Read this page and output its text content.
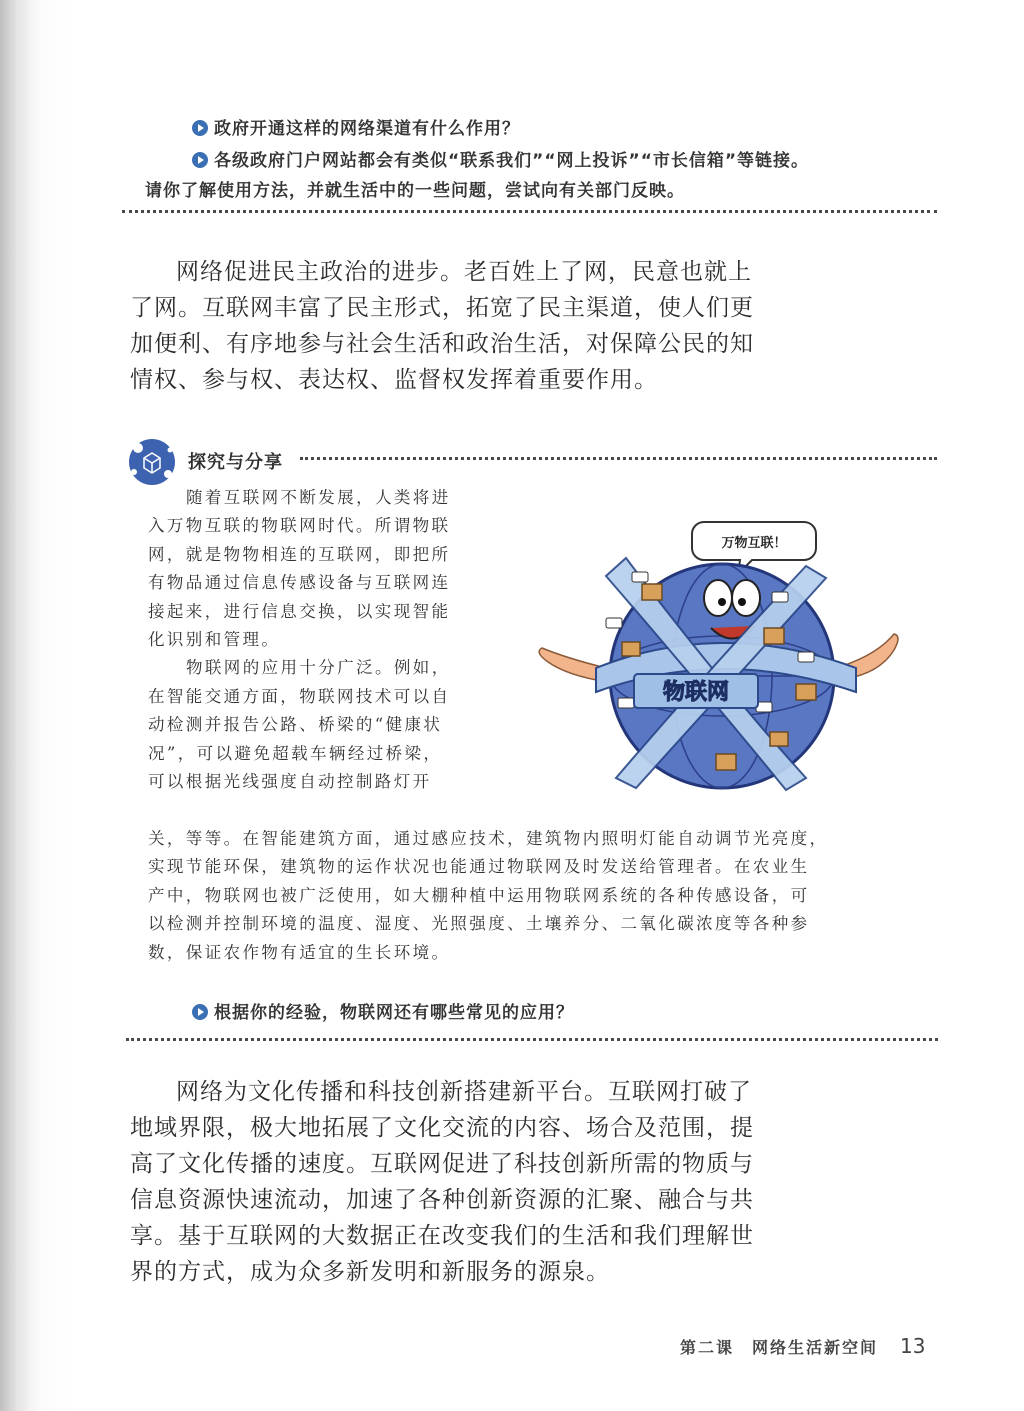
政府开通这样的网络渠道有什么作用？
各级政府门户网站都会有类似“联系我们”“网上投诉”“市长信箱”等链接。
请你了解使用方法，并就生活中的一些问题，尝试向有关部门反映。
网络促进民主政治的进步。老百姓上了网，民意也就上
了网。互联网丰富了民主形式，拓宽了民主渠道，使人们更
加便利、有序地参与社会生活和政治生活，对保障公民的知
情权、参与权、表达权、监督权发挥着重要作用。
探究与分享
随着互联网不断发展，人类将进
入万物互联的物联网时代。所谓物联
网，就是物物相连的互联网，即把所
有物品通过信息传感设备与互联网连
接起来，进行信息交换，以实现智能
化识别和管理。
物联网的应用十分广泛。例如，
在智能交通方面，物联网技术可以自
动检测并报告公路、桥梁的“健康状
况”，可以避免超载车辆经过桥梁，
可以根据光线强度自动控制路灯开
关，等等。在智能建筑方面，通过感应技术，建筑物内照明灯能自动调节光亮度，
实现节能环保，建筑物的运作状况也能通过物联网及时发送给管理者。在农业生
产中，物联网也被广泛使用，如大棚种植中运用物联网系统的各种传感设备，可
以检测并控制环境的温度、湿度、光照强度、土壤养分、二氧化碳浓度等各种参
数，保证农作物有适宜的生长环境。
万物互联！
物联网
根据你的经验，物联网还有哪些常见的应用？
网络为文化传播和科技创新搭建新平台。互联网打破了
地域界限，极大地拓展了文化交流的内容、场合及范围，提
高了文化传播的速度。互联网促进了科技创新所需的物质与
信息资源快速流动，加速了各种创新资源的汇聚、融合与共
享。基于互联网的大数据正在改变我们的生活和我们理解世
界的方式，成为众多新发明和新服务的源泉。
第二课　网络生活新空间 13
